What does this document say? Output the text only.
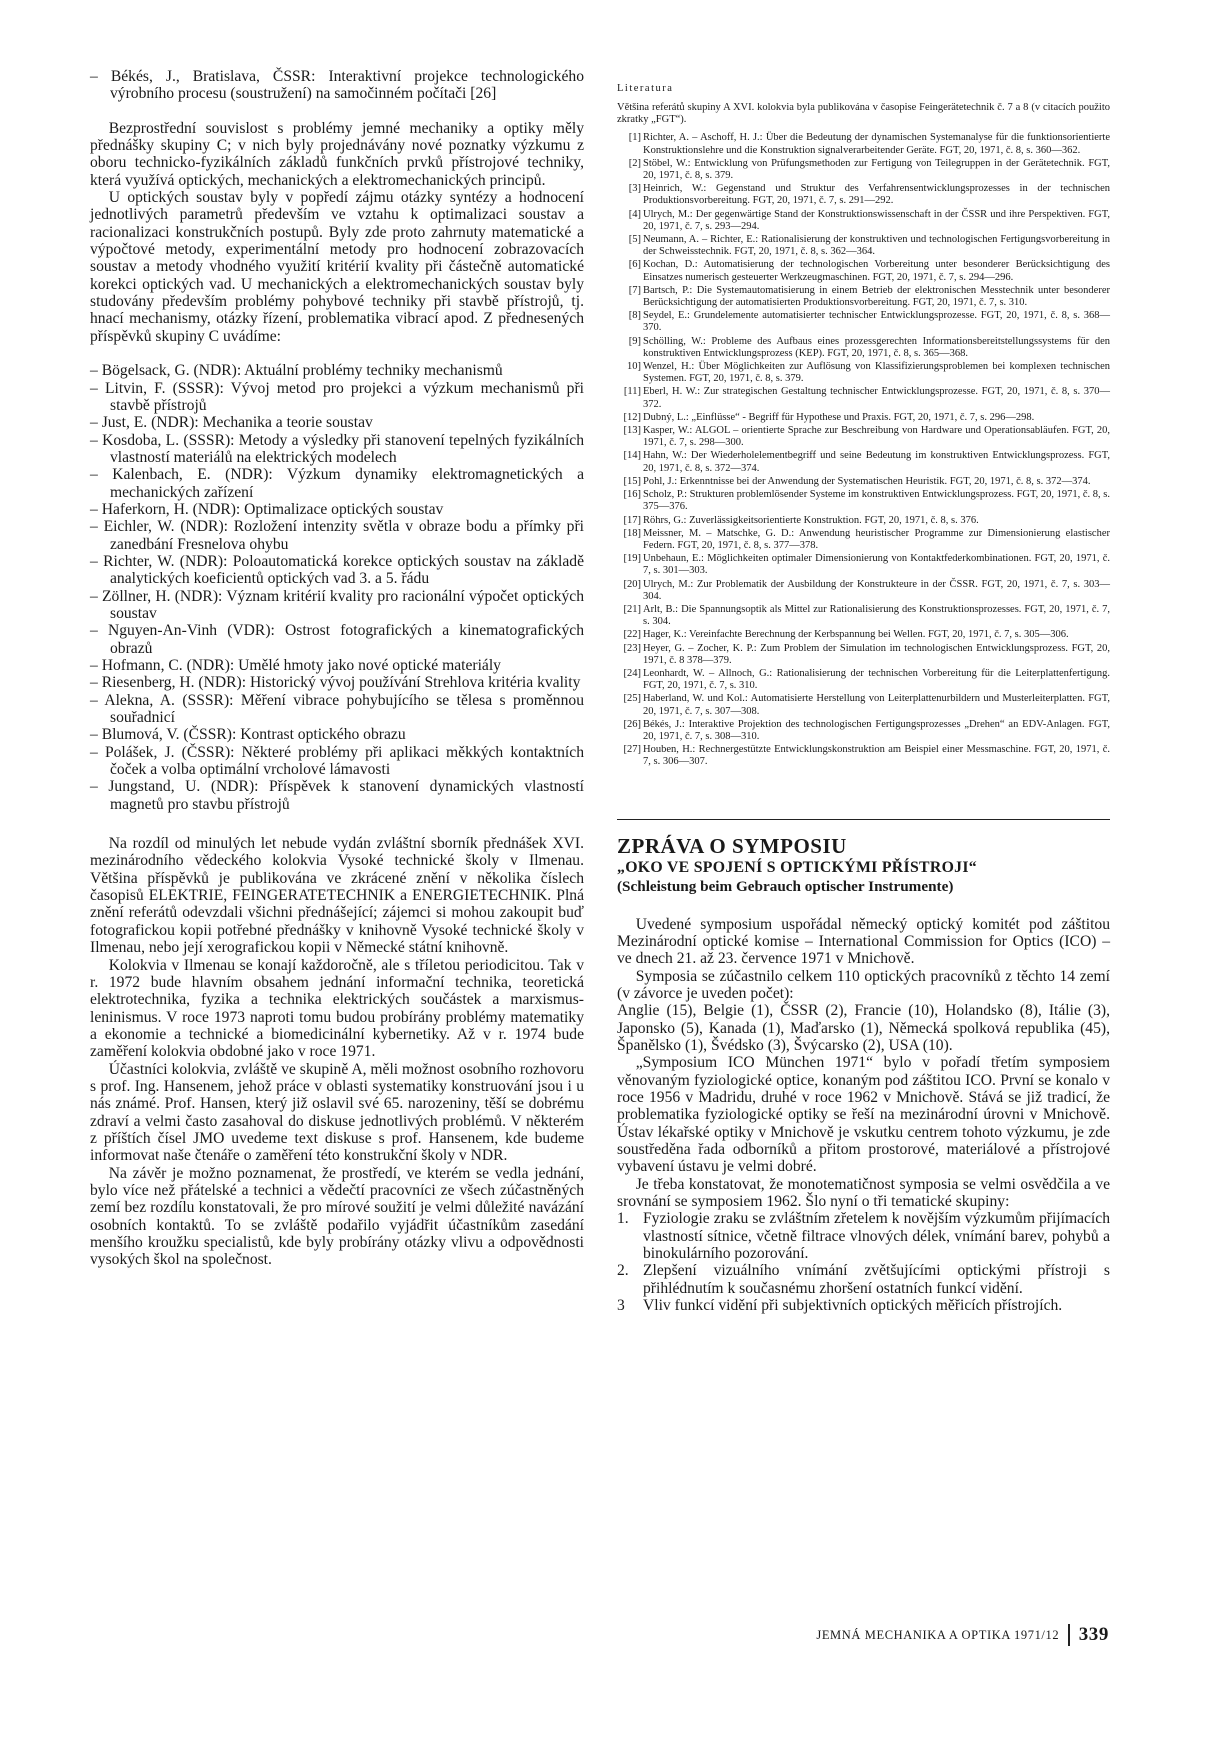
– Békés, J., Bratislava, ČSSR: Interaktivní projekce technologického výrobního procesu (soustružení) na samočinném počítači [26]

Bezprostřední souvislost s problémy jemné mechaniky a optiky měly přednášky skupiny C; v nich byly projednávány nové poznatky výzkumu z oboru technicko-fyzikálních základů funkčních prvků přístrojové techniky, která využívá optických, mechanických a elektromechanických principů.

U optických soustav byly v popředí zájmu otázky syntézy a hodnocení jednotlivých parametrů především ve vztahu k optimalizaci soustav a racionalizaci konstrukčních postupů. Byly zde proto zahrnuty matematické a výpočtové metody, experimentální metody pro hodnocení zobrazovacích soustav a metody vhodného využití kritérií kvality při částečně automatické korekci optických vad. U mechanických a elektromechanických soustav byly studovány především problémy pohybové techniky při stavbě přístrojů, tj. hnací mechanismy, otázky řízení, problematika vibrací apod. Z přednesených příspěvků skupiny C uvádíme:

– Bögelsack, G. (NDR): Aktuální problémy techniky mechanismů

– Litvin, F. (SSSR): Vývoj metod pro projekci a výzkum mechanismů při stavbě přístrojů

– Just, E. (NDR): Mechanika a teorie soustav

– Kosdoba, L. (SSSR): Metody a výsledky při stanovení tepelných fyzikálních vlastností materiálů na elektrických modelech

– Kalenbach, E. (NDR): Výzkum dynamiky elektromagnetických a mechanických zařízení

– Haferkorn, H. (NDR): Optimalizace optických soustav

– Eichler, W. (NDR): Rozložení intenzity světla v obraze bodu a přímky při zanedbání Fresnelova ohybu

– Richter, W. (NDR): Poloautomatická korekce optických soustav na základě analytických koeficientů optických vad 3. a 5. řádu

– Zöllner, H. (NDR): Význam kritérií kvality pro racionální výpočet optických soustav

– Nguyen-An-Vinh (VDR): Ostrost fotografických a kinematografických obrazů

– Hofmann, C. (NDR): Umělé hmoty jako nové optické materiály

– Riesenberg, H. (NDR): Historický vývoj používání Strehlova kritéria kvality

– Alekna, A. (SSSR): Měření vibrace pohybujícího se tělesa s proměnnou souřadnicí

– Blumová, V. (ČSSR): Kontrast optického obrazu

– Polášek, J. (ČSSR): Některé problémy při aplikaci měkkých kontaktních čoček a volba optimální vrcholové lámavosti

– Jungstand, U. (NDR): Příspěvek k stanovení dynamických vlastností magnetů pro stavbu přístrojů

Na rozdíl od minulých let nebude vydán zvláštní sborník přednášek XVI. mezinárodního vědeckého kolokvia Vysoké technické školy v Ilmenau. Většina příspěvků je publikována ve zkrácené znění v několika číslech časopisů ELEKTRIE, FEINGERATETECHNIK a ENERGIETECHNIK. Plná znění referátů odevzdali všichni přednášející; zájemci si mohou zakoupit buď fotografickou kopii potřebné přednášky v knihovně Vysoké technické školy v Ilmenau, nebo její xerografickou kopii v Německé státní knihovně.

Kolokvia v Ilmenau se konají každoročně, ale s tříletou periodicitou. Tak v r. 1972 bude hlavním obsahem jednání informační technika, teoretická elektrotechnika, fyzika a technika elektrických součástek a marxismus-leninismus. V roce 1973 naproti tomu budou probírány problémy matematiky a ekonomie a technické a biomedicinální kybernetiky. Až v r. 1974 bude zaměření kolokvia obdobné jako v roce 1971.

Účastníci kolokvia, zvláště ve skupině A, měli možnost osobního rozhovoru s prof. Ing. Hansenem, jehož práce v oblasti systematiky konstruování jsou i u nás známé. Prof. Hansen, který již oslavil své 65. narozeniny, těší se dobrému zdraví a velmi často zasahoval do diskuse jednotlivých problémů. V některém z příštích čísel JMO uvedeme text diskuse s prof. Hansenem, kde budeme informovat naše čtenáře o zaměření této konstrukční školy v NDR.

Na závěr je možno poznamenat, že prostředí, ve kterém se vedla jednání, bylo více než přátelské a technici a vědečtí pracovníci ze všech zúčastněných zemí bez rozdílu konstatovali, že pro mírové soužití je velmi důležité navázání osobních kontaktů. To se zvláště podařilo vyjádřit účastníkům zasedání menšího kroužku specialistů, kde byly probírány otázky vlivu a odpovědnosti vysokých škol na společnost.

Literatura

Většina referátů skupiny A XVI. kolokvia byla publikována v časopise Feingerätetechnik č. 7 a 8 (v citacích použito zkratky „FGT“).

[1] Richter, A. – Aschoff, H. J.: Über die Bedeutung der dynamischen Systemanalyse für die funktionsorientierte Konstruktionslehre und die Konstruktion signalverarbeitender Geräte. FGT, 20, 1971, č. 8, s. 360—362.

[2] Stöbel, W.: Entwicklung von Prüfungsmethoden zur Fertigung von Teilegruppen in der Gerätetechnik. FGT, 20, 1971, č. 8, s. 379.

[3] Heinrich, W.: Gegenstand und Struktur des Verfahrensentwicklungsprozesses in der technischen Produktionsvorbereitung. FGT, 20, 1971, č. 7, s. 291—292.

[4] Ulrych, M.: Der gegenwärtige Stand der Konstruktionswissenschaft in der ČSSR und ihre Perspektiven. FGT, 20, 1971, č. 7, s. 293—294.

[5] Neumann, A. – Richter, E.: Rationalisierung der konstruktiven und technologischen Fertigungsvorbereitung in der Schweisstechnik. FGT, 20, 1971, č. 8, s. 362—364.

[6] Kochan, D.: Automatisierung der technologischen Vorbereitung unter besonderer Berücksichtigung des Einsatzes numerisch gesteuerter Werkzeugmaschinen. FGT, 20, 1971, č. 7, s. 294—296.

[7] Bartsch, P.: Die Systemautomatisierung in einem Betrieb der elektronischen Messtechnik unter besonderer Berücksichtigung der automatisierten Produktionsvorbereitung. FGT, 20, 1971, č. 7, s. 310.

[8] Seydel, E.: Grundelemente automatisierter technischer Entwicklungsprozesse. FGT, 20, 1971, č. 8, s. 368—370.

[9] Schölling, W.: Probleme des Aufbaus eines prozessgerechten Informationsbereitstellungssystems für den konstruktiven Entwicklungsprozess (KEP). FGT, 20, 1971, č. 8, s. 365—368.

10] Wenzel, H.: Über Möglichkeiten zur Auflösung von Klassifizierungsproblemen bei komplexen technischen Systemen. FGT, 20, 1971, č. 8, s. 379.

[11] Eberl, H. W.: Zur strategischen Gestaltung technischer Entwicklungsprozesse. FGT, 20, 1971, č. 8, s. 370—372.

[12] Dubný, L.: „Einflüsse“ - Begriff für Hypothese und Praxis. FGT, 20, 1971, č. 7, s. 296—298.

[13] Kasper, W.: ALGOL – orientierte Sprache zur Beschreibung von Hardware und Operationsabläufen. FGT, 20, 1971, č. 7, s. 298—300.

[14] Hahn, W.: Der Wiederholelementbegriff und seine Bedeutung im konstruktiven Entwicklungsprozess. FGT, 20, 1971, č. 8, s. 372—374.

[15] Pohl, J.: Erkenntnisse bei der Anwendung der Systematischen Heuristik. FGT, 20, 1971, č. 8, s. 372—374.

[16] Scholz, P.: Strukturen problemlösender Systeme im konstruktiven Entwicklungsprozess. FGT, 20, 1971, č. 8, s. 375—376.

[17] Röhrs, G.: Zuverlässigkeitsorientierte Konstruktion. FGT, 20, 1971, č. 8, s. 376.

[18] Meissner, M. – Matschke, G. D.: Anwendung heuristischer Programme zur Dimensionierung elastischer Federn. FGT, 20, 1971, č. 8, s. 377—378.

[19] Unbehaun, E.: Möglichkeiten optimaler Dimensionierung von Kontaktfederkombinationen. FGT, 20, 1971, č. 7, s. 301—303.

[20] Ulrych, M.: Zur Problematik der Ausbildung der Konstrukteure in der ČSSR. FGT, 20, 1971, č. 7, s. 303—304.

[21] Arlt, B.: Die Spannungsoptik als Mittel zur Rationalisierung des Konstruktionsprozesses. FGT, 20, 1971, č. 7, s. 304.

[22] Hager, K.: Vereinfachte Berechnung der Kerbspannung bei Wellen. FGT, 20, 1971, č. 7, s. 305—306.

[23] Heyer, G. – Zocher, K. P.: Zum Problem der Simulation im technologischen Entwicklungsprozess. FGT, 20, 1971, č. 8 378—379.

[24] Leonhardt, W. – Allnoch, G.: Rationalisierung der technischen Vorbereitung für die Leiterplattenfertigung. FGT, 20, 1971, č. 7, s. 310.

[25] Haberland, W. und Kol.: Automatisierte Herstellung von Leiterplattenurbildern und Musterleiterplatten. FGT, 20, 1971, č. 7, s. 307—308.

[26] Békés, J.: Interaktive Projektion des technologischen Fertigungsprozesses „Drehen“ an EDV-Anlagen. FGT, 20, 1971, č. 7, s. 308—310.

[27] Houben, H.: Rechnergestützte Entwicklungskonstruktion am Beispiel einer Messmaschine. FGT, 20, 1971, č. 7, s. 306—307.

ZPRÁVA O SYMPOSIU

„OKO VE SPOJENÍ S OPTICKÝMI PŘÍSTROJI“

(Schleistung beim Gebrauch optischer Instrumente)

Uvedené symposium uspořádal německý optický komitét pod záštitou Mezinárodní optické komise – International Commission for Optics (ICO) – ve dnech 21. až 23. července 1971 v Mnichově.

Symposia se zúčastnilo celkem 110 optických pracovníků z těchto 14 zemí (v závorce je uveden počet):

Anglie (15), Belgie (1), ČSSR (2), Francie (10), Holandsko (8), Itálie (3), Japonsko (5), Kanada (1), Maďarsko (1), Německá spolková republika (45), Španělsko (1), Švédsko (3), Švýcarsko (2), USA (10).

„Symposium ICO München 1971“ bylo v pořadí třetím symposiem věnovaným fyziologické optice, konaným pod záštitou ICO. První se konalo v roce 1956 v Madridu, druhé v roce 1962 v Mnichově. Stává se již tradicí, že problematika fyziologické optiky se řeší na mezinárodní úrovni v Mnichově. Ústav lékařské optiky v Mnichově je vskutku centrem tohoto výzkumu, je zde soustředěna řada odborníků a přitom prostorové, materiálové a přístrojové vybavení ústavu je velmi dobré.

Je třeba konstatovat, že monotematičnost symposia se velmi osvědčila a ve srovnání se symposiem 1962. Šlo nyní o tři tematické skupiny:

1. Fyziologie zraku se zvláštním zřetelem k novějším výzkumům přijímacích vlastností sítnice, včetně filtrace vlnových délek, vnímání barev, pohybů a binokulárního pozorování.

2. Zlepšení vizuálního vnímání zvětšujícími optickými přístroji s přihlédnutím k současnému zhoršení ostatních funkcí vidění.

3 Vliv funkcí vidění při subjektivních optických měřicích přístrojích.

JEMNÁ MECHANIKA A OPTIKA 1971/12 339
